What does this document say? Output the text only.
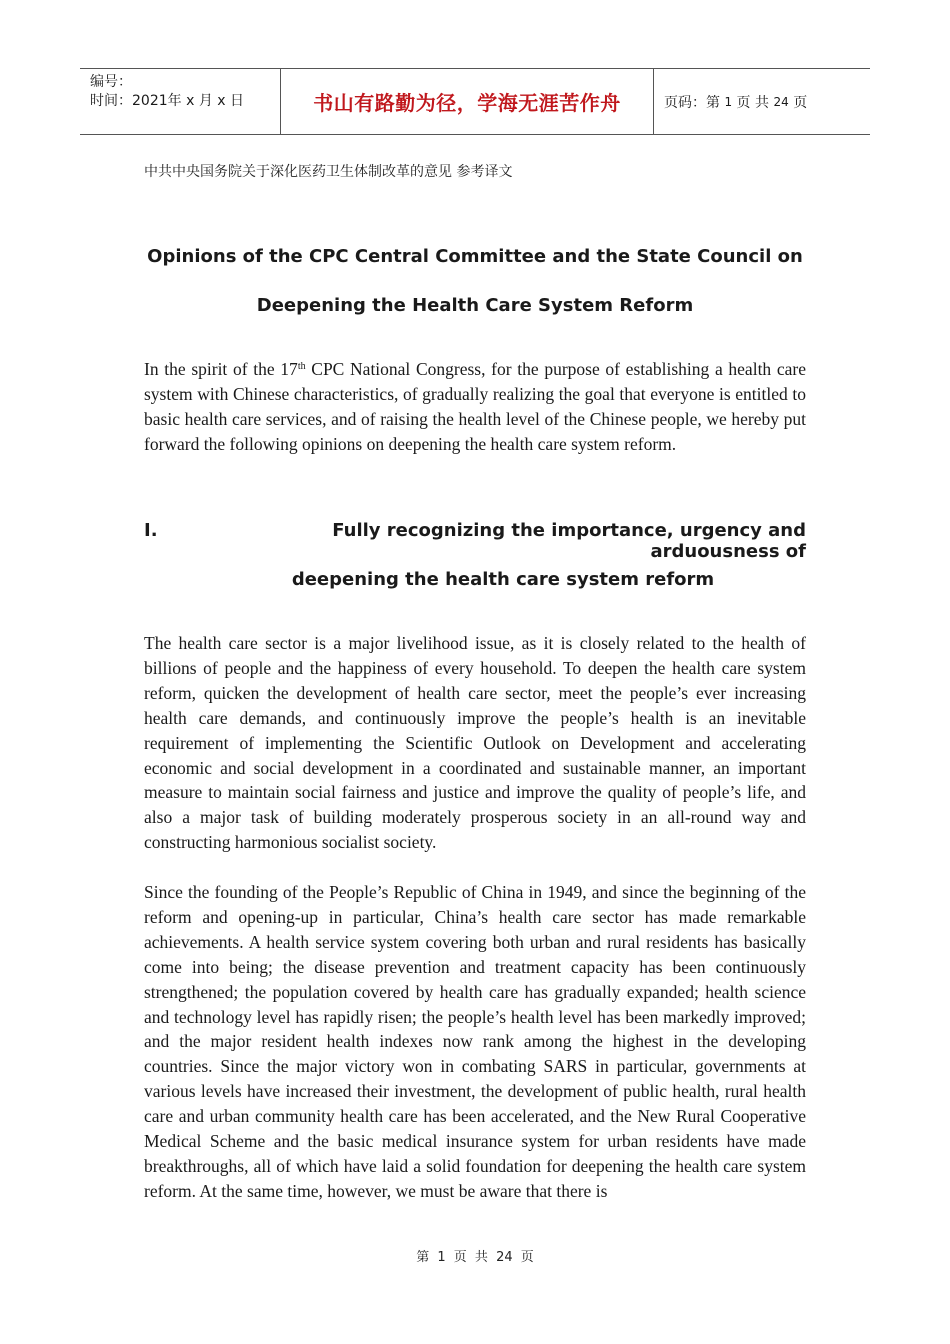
编号：
时间：2021年 x 月 x 日	书山有路勤为径，学海无涯苦作舟	页码：第
1
页 共
24
页
中共中央国务院关于深化医药卫生体制改革的意见 参考译文
Opinions of the CPC Central Committee and the State Council on
Deepening the Health Care System Reform

In the spirit of the 17th CPC National Congress, for the purpose of establishing a health care system with Chinese characteristics, of gradually realizing the goal that everyone is entitled to basic health care services, and of raising the health level of the Chinese people, we hereby put forward the following opinions on deepening the health care system reform.

I.	Fully recognizing the importance, urgency and arduousness of
deepening the health care system reform

The health care sector is a major livelihood issue, as it is closely related to the health of billions of people and the happiness of every household. To deepen the health care system reform, quicken the development of health care sector, meet the people’s ever increasing health care demands, and continuously improve the people’s health is an inevitable requirement of implementing the Scientific Outlook on Development and accelerating economic and social development in a coordinated and sustainable manner, an important measure to maintain social fairness and justice and improve the quality of people’s life, and also a major task of building moderately prosperous society in an all-round way and constructing harmonious socialist society.

Since the founding of the People’s Republic of China in 1949, and since the beginning of the reform and opening-up in particular, China’s health care sector has made remarkable achievements. A health service system covering both urban and rural residents has basically come into being; the disease prevention and treatment capacity has been continuously strengthened; the population covered by health care has gradually expanded; health science and technology level has rapidly risen; the people’s health level has been markedly improved; and the major resident health indexes now rank among the highest in the developing countries. Since the major victory won in combating SARS in particular, governments at various levels have increased their investment, the development of public health, rural health care and urban community health care has been accelerated, and the New Rural Cooperative Medical Scheme and the basic medical insurance system for urban residents have made breakthroughs, all of which have laid a solid foundation for deepening the health care system reform. At the same time, however, we must be aware that there is

第 1 页 共 24 页
